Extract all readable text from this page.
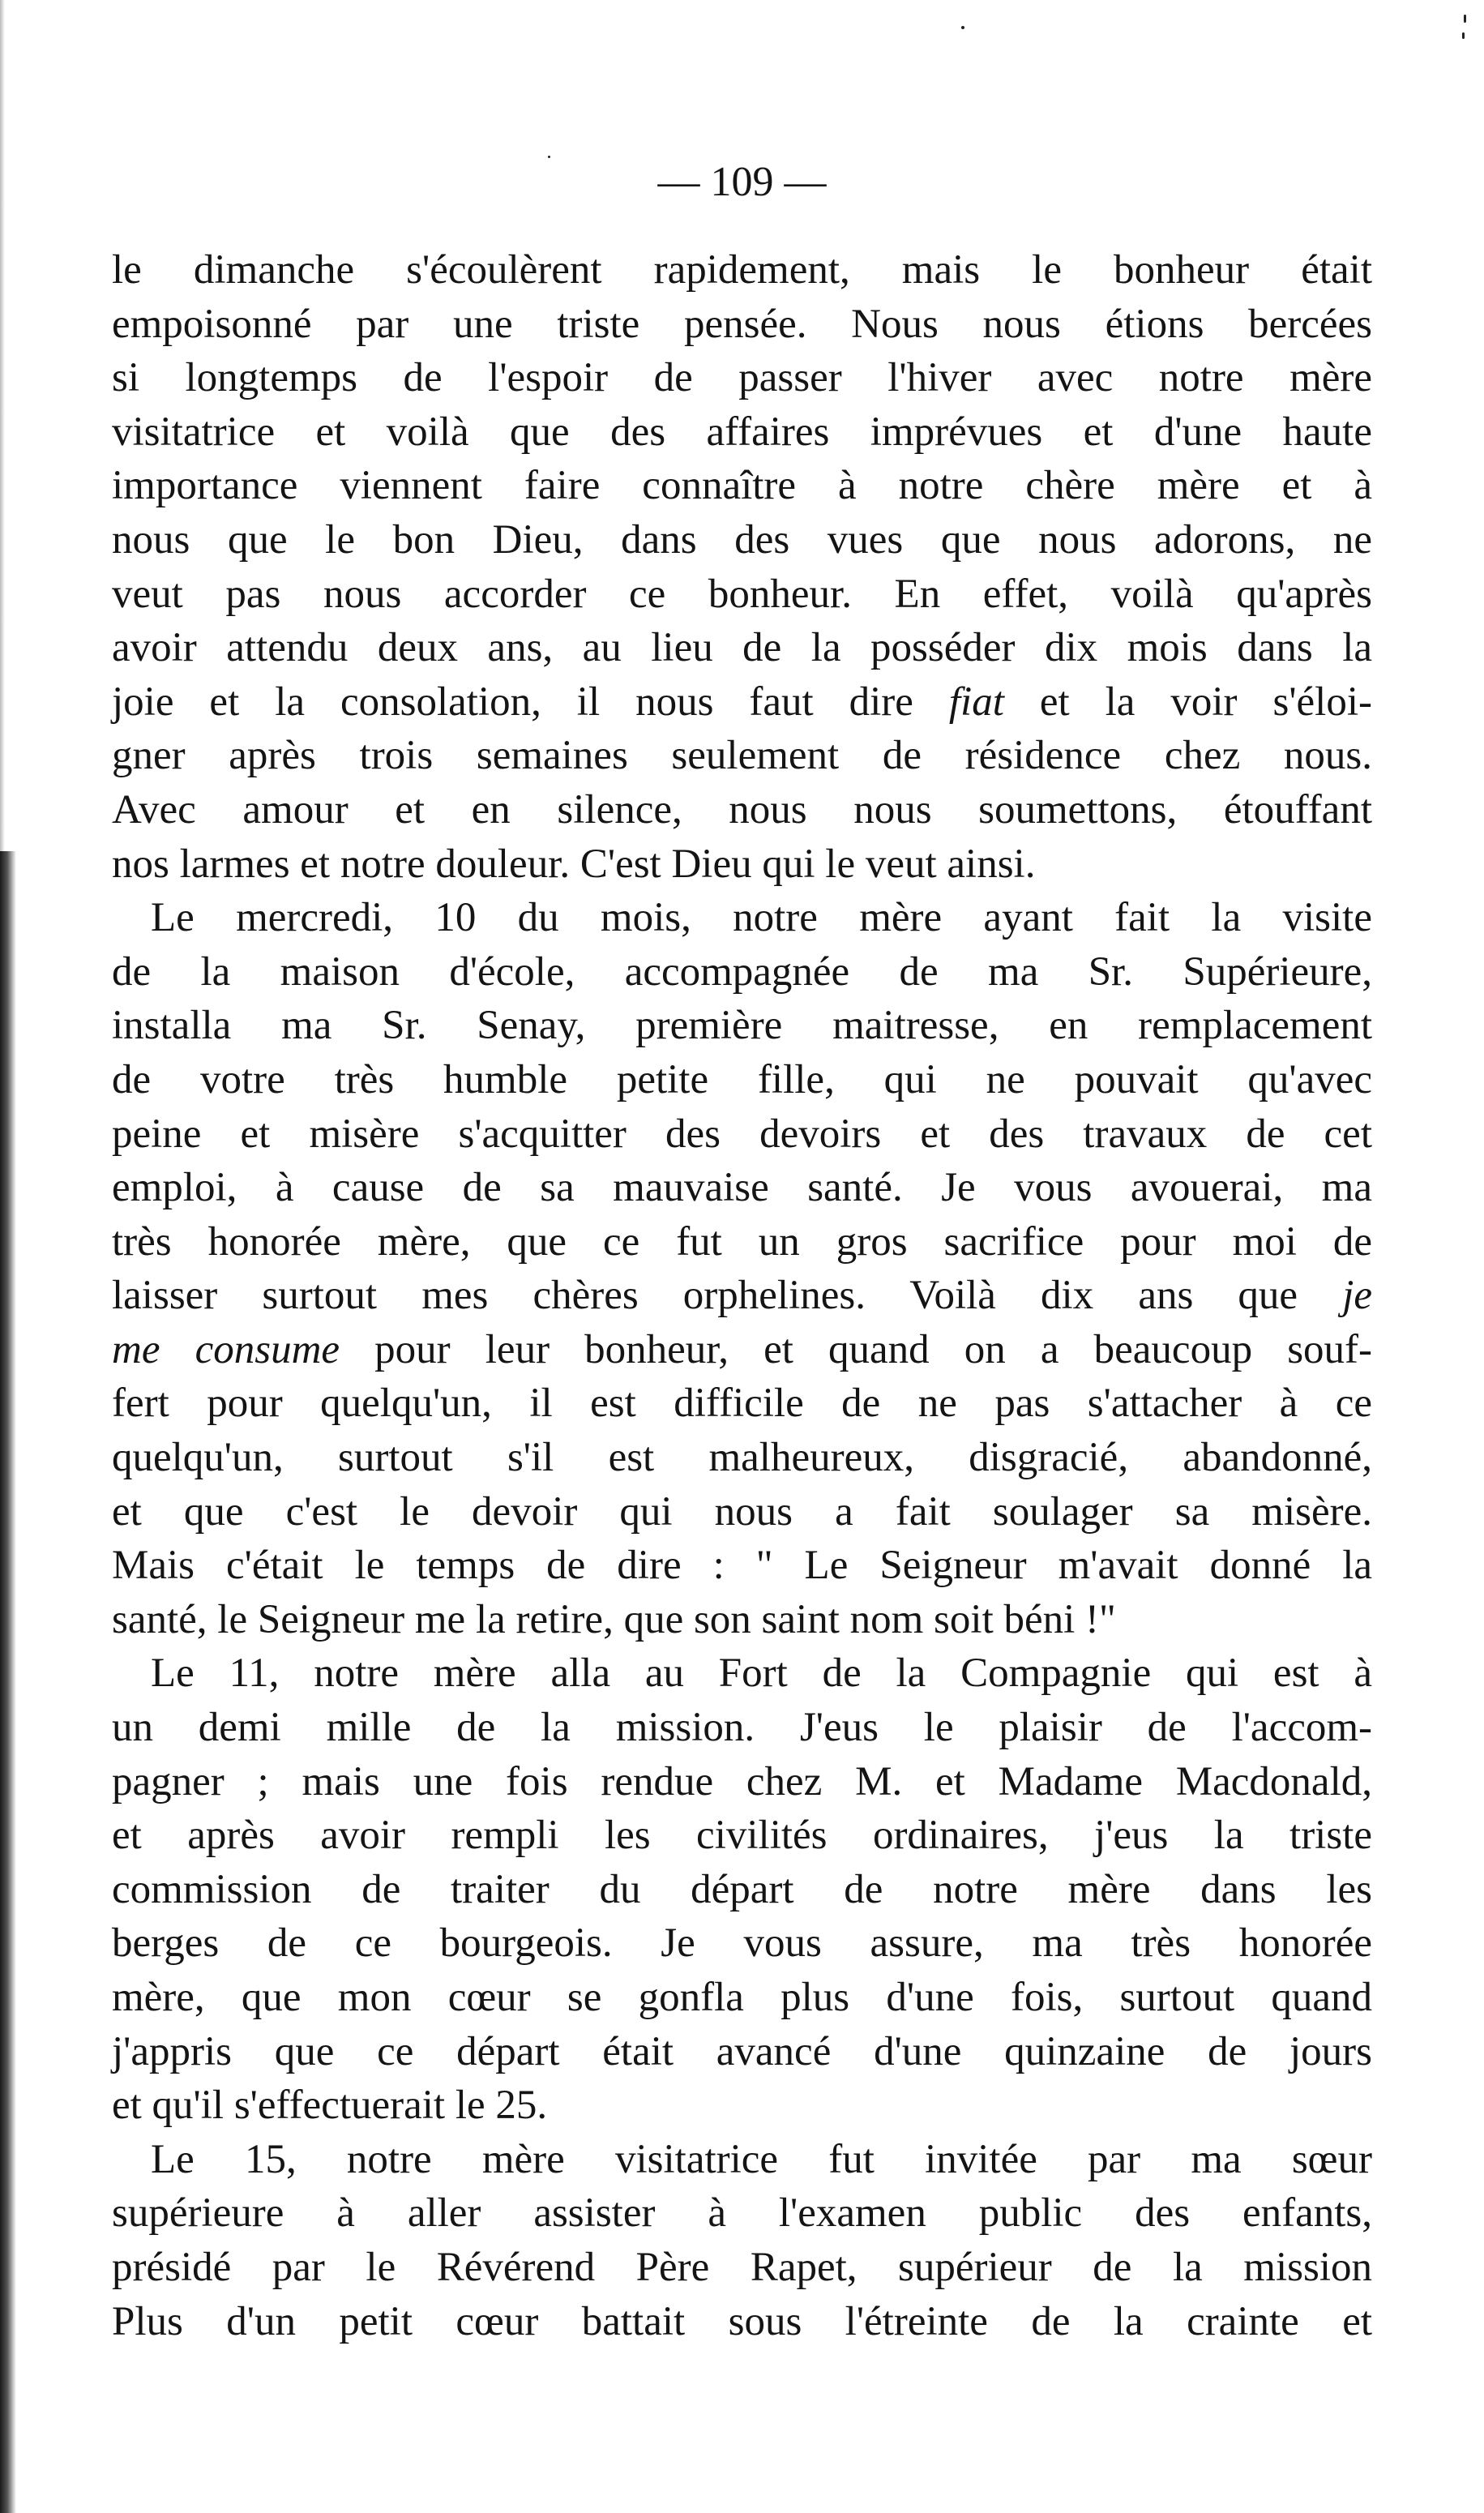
— 109 —
le dimanche s'écoulèrent rapidement, mais le bonheur était
empoisonné par une triste pensée. Nous nous étions bercées
si longtemps de l'espoir de passer l'hiver avec notre mère
visitatrice et voilà que des affaires imprévues et d'une haute
importance viennent faire connaître à notre chère mère et à
nous que le bon Dieu, dans des vues que nous adorons, ne
veut pas nous accorder ce bonheur. En effet, voilà qu'après
avoir attendu deux ans, au lieu de la posséder dix mois dans la
joie et la consolation, il nous faut dire fiat et la voir s'éloi-
gner après trois semaines seulement de résidence chez nous.
Avec amour et en silence, nous nous soumettons, étouffant
nos larmes et notre douleur. C'est Dieu qui le veut ainsi.
Le mercredi, 10 du mois, notre mère ayant fait la visite
de la maison d'école, accompagnée de ma Sr. Supérieure,
installa ma Sr. Senay, première maitresse, en remplacement
de votre très humble petite fille, qui ne pouvait qu'avec
peine et misère s'acquitter des devoirs et des travaux de cet
emploi, à cause de sa mauvaise santé. Je vous avouerai, ma
très honorée mère, que ce fut un gros sacrifice pour moi de
laisser surtout mes chères orphelines. Voilà dix ans que je
me consume pour leur bonheur, et quand on a beaucoup souf-
fert pour quelqu'un, il est difficile de ne pas s'attacher à ce
quelqu'un, surtout s'il est malheureux, disgracié, abandonné,
et que c'est le devoir qui nous a fait soulager sa misère.
Mais c'était le temps de dire : " Le Seigneur m'avait donné la
santé, le Seigneur me la retire, que son saint nom soit béni !"
Le 11, notre mère alla au Fort de la Compagnie qui est à
un demi mille de la mission. J'eus le plaisir de l'accom-
pagner ; mais une fois rendue chez M. et Madame Macdonald,
et après avoir rempli les civilités ordinaires, j'eus la triste
commission de traiter du départ de notre mère dans les
berges de ce bourgeois. Je vous assure, ma très honorée
mère, que mon cœur se gonfla plus d'une fois, surtout quand
j'appris que ce départ était avancé d'une quinzaine de jours
et qu'il s'effectuerait le 25.
Le 15, notre mère visitatrice fut invitée par ma sœur
supérieure à aller assister à l'examen public des enfants,
présidé par le Révérend Père Rapet, supérieur de la mission
Plus d'un petit cœur battait sous l'étreinte de la crainte et
